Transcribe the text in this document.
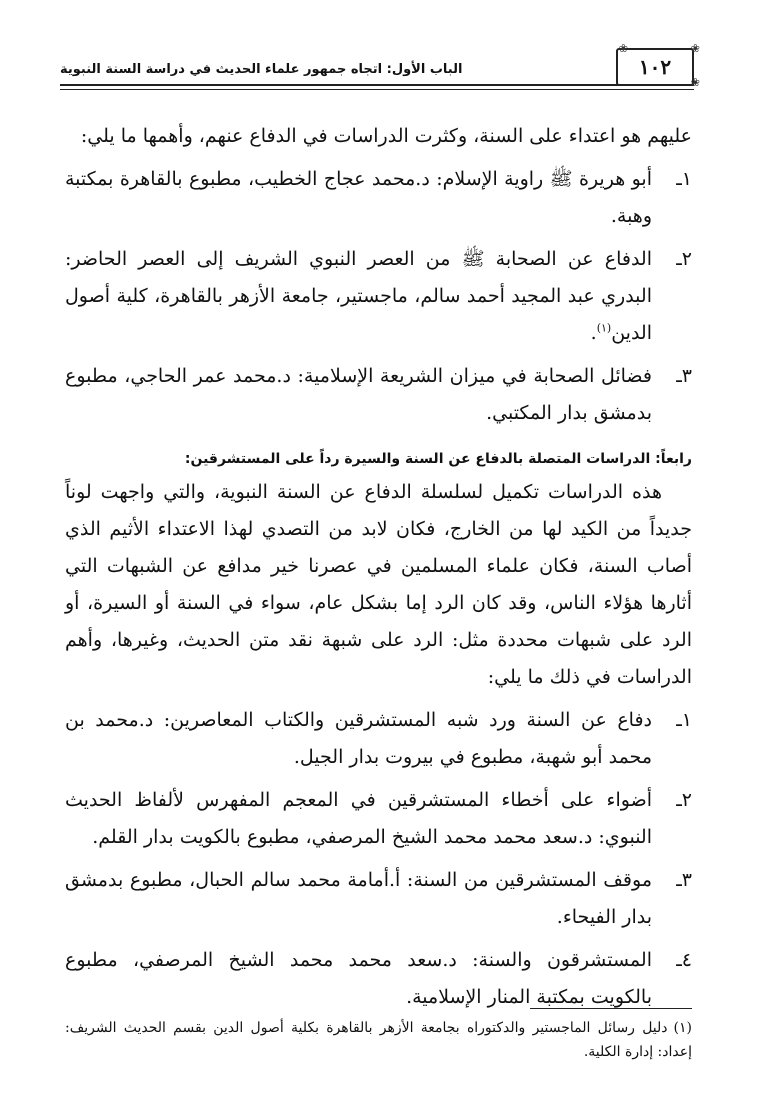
الباب الأول: اتجاه جمهور علماء الحديث في دراسة السنة النبوية	١٠٢
❀
❀
❀

عليهم هو اعتداء على السنة، وكثرت الدراسات في الدفاع عنهم، وأهمها ما يلي:

١ـ
أبو هريرة ﷺ راوية الإسلام: د.محمد عجاج الخطيب، مطبوع بالقاهرة بمكتبة وهبة.
٢ـ
الدفاع عن الصحابة ﷺ من العصر النبوي الشريف إلى العصر الحاضر: البدري عبد المجيد أحمد سالم، ماجستير، جامعة الأزهر بالقاهرة، كلية أصول الدين$^{(١)}$.
٣ـ
فضائل الصحابة في ميزان الشريعة الإسلامية: د.محمد عمر الحاجي، مطبوع بدمشق بدار المكتبي.

رابعاً: الدراسات المتصلة بالدفاع عن السنة والسيرة رداً على المستشرقين:

هذه الدراسات تكميل لسلسلة الدفاع عن السنة النبوية، والتي واجهت لوناً جديداً من الكيد لها من الخارج، فكان لابد من التصدي لهذا الاعتداء الأثيم الذي أصاب السنة، فكان علماء المسلمين في عصرنا خير مدافع عن الشبهات التي أثارها هؤلاء الناس، وقد كان الرد إما بشكل عام، سواء في السنة أو السيرة، أو الرد على شبهات محددة مثل: الرد على شبهة نقد متن الحديث، وغيرها، وأهم الدراسات في ذلك ما يلي:

١ـ
دفاع عن السنة ورد شبه المستشرقين والكتاب المعاصرين: د.محمد بن محمد أبو شهبة، مطبوع في بيروت بدار الجيل.
٢ـ
أضواء على أخطاء المستشرقين في المعجم المفهرس لألفاظ الحديث النبوي: د.سعد محمد محمد الشيخ المرصفي، مطبوع بالكويت بدار القلم.
٣ـ
موقف المستشرقين من السنة: أ.أمامة محمد سالم الحبال، مطبوع بدمشق بدار الفيحاء.
٤ـ
المستشرقون والسنة: د.سعد محمد محمد الشيخ المرصفي، مطبوع بالكويت بمكتبة المنار الإسلامية.
(١)دليل رسائل الماجستير والدكتوراه بجامعة الأزهر بالقاهرة بكلية أصول الدين بقسم الحديث الشريف: إعداد: إدارة الكلية.
